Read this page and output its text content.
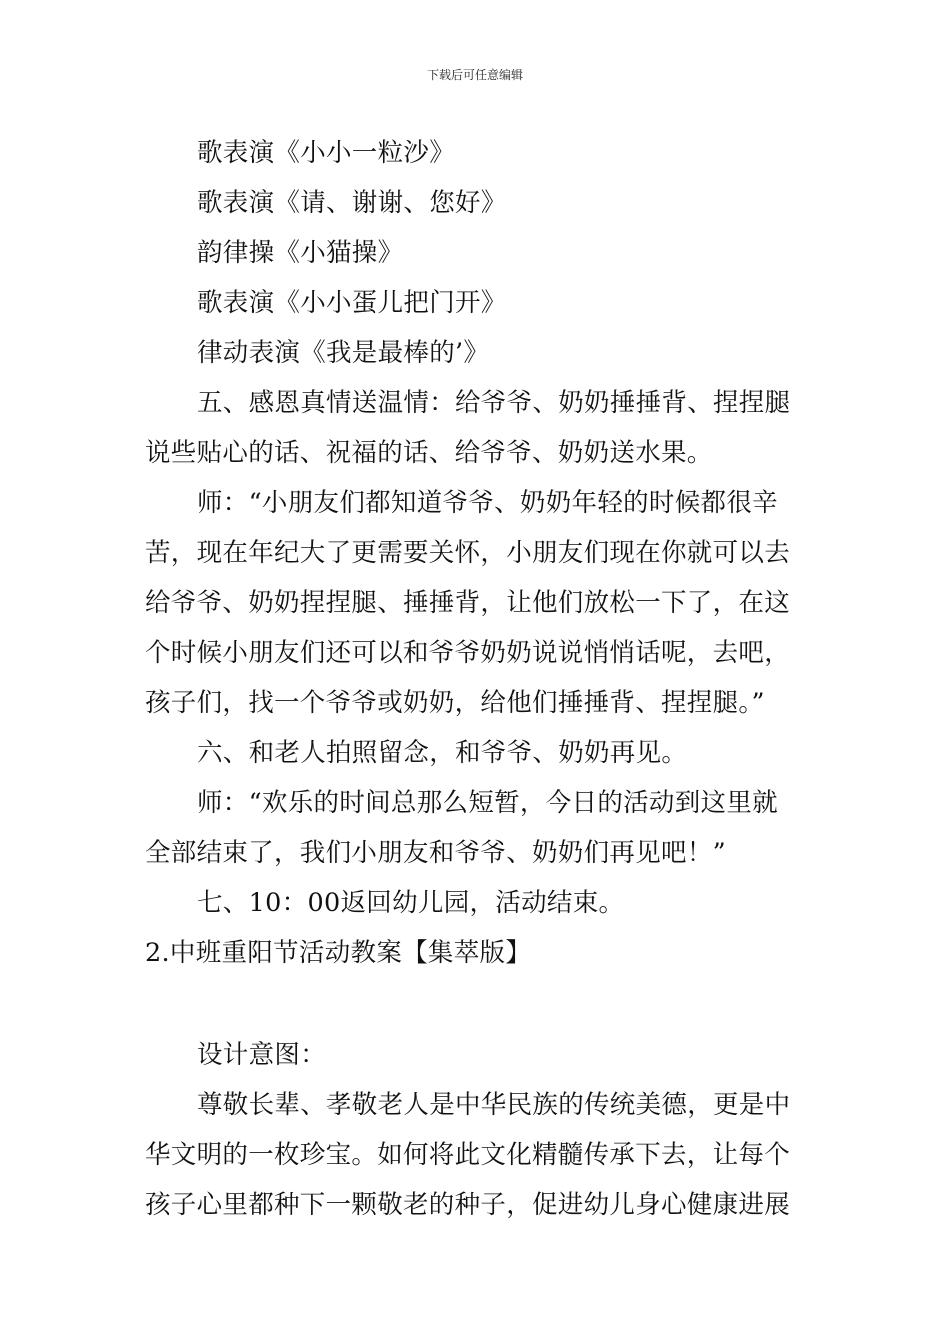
下载后可任意编辑
歌表演《小小一粒沙》
歌表演《请、谢谢、您好》
韵律操《小猫操》
歌表演《小小蛋儿把门开》
律动表演《我是最棒的’》
五、感恩真情送温情：给爷爷、奶奶捶捶背、捏捏腿
说些贴心的话、祝福的话、给爷爷、奶奶送水果。
师：“小朋友们都知道爷爷、奶奶年轻的时候都很辛
苦，现在年纪大了更需要关怀，小朋友们现在你就可以去
给爷爷、奶奶捏捏腿、捶捶背，让他们放松一下了，在这
个时候小朋友们还可以和爷爷奶奶说说悄悄话呢，去吧，
孩子们，找一个爷爷或奶奶，给他们捶捶背、捏捏腿。”
六、和老人拍照留念，和爷爷、奶奶再见。
师：“欢乐的时间总那么短暂，今日的活动到这里就
全部结束了，我们小朋友和爷爷、奶奶们再见吧！”
七、10：00返回幼儿园，活动结束。
2.中班重阳节活动教案【集萃版】
设计意图：
尊敬长辈、孝敬老人是中华民族的传统美德，更是中
华文明的一枚珍宝。如何将此文化精髓传承下去，让每个
孩子心里都种下一颗敬老的种子，促进幼儿身心健康进展
